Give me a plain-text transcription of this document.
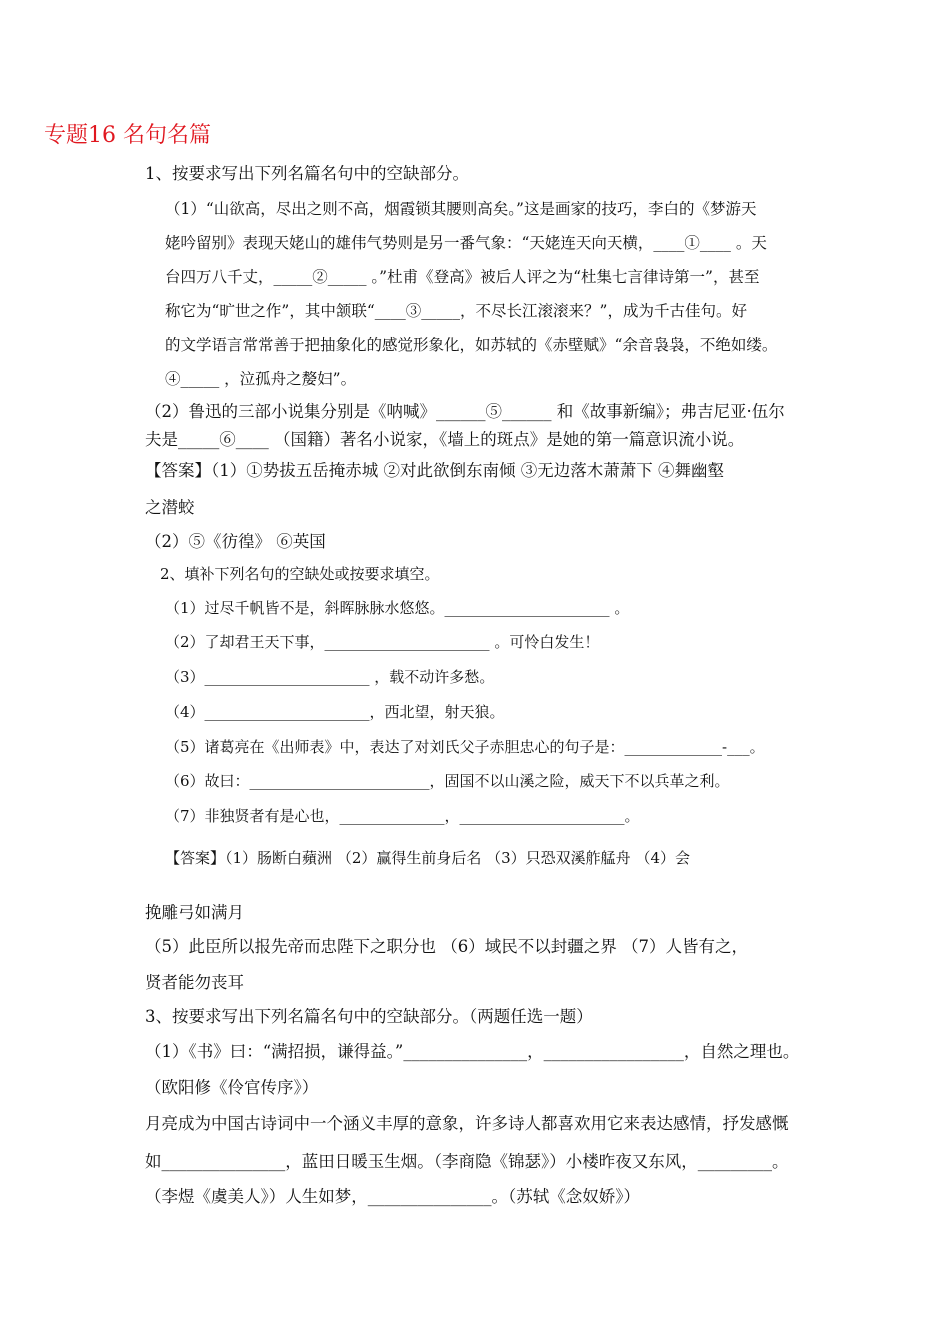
专题16 名句名篇
1、按要求写出下列名篇名句中的空缺部分。
（1）“山欲高，尽出之则不高，烟霞锁其腰则高矣。”这是画家的技巧，李白的《梦游天
姥吟留别》表现天姥山的雄伟气势则是另一番气象：“天姥连天向天横，____①____ 。天
台四万八千丈，_____②_____ 。”杜甫《登高》被后人评之为“杜集七言律诗第一”，甚至
称它为“旷世之作”，其中颔联“____③_____，不尽长江滚滚来？”，成为千古佳句。好
的文学语言常常善于把抽象化的感觉形象化，如苏轼的《赤壁赋》“余音袅袅，不绝如缕。
④_____ ，泣孤舟之嫠妇”。
（2）鲁迅的三部小说集分别是《呐喊》______⑤______ 和《故事新编》；弗吉尼亚·伍尔
夫是_____⑥____ （国籍）著名小说家，《墙上的斑点》是她的第一篇意识流小说。
【答案】（1）①势拔五岳掩赤城 ②对此欲倒东南倾 ③无边落木萧萧下 ④舞幽壑
之潜蛟
（2）⑤《彷徨》 ⑥英国
2、填补下列名句的空缺处或按要求填空。
（1）过尽千帆皆不是，斜晖脉脉水悠悠。______________________ 。
（2）了却君王天下事，______________________ 。可怜白发生！
（3）______________________ ，载不动许多愁。
（4）______________________，西北望，射天狼。
（5）诸葛亮在《出师表》中，表达了对刘氏父子赤胆忠心的句子是：_____________-___。
（6）故曰：________________________，固国不以山溪之险，威天下不以兵革之利。
（7）非独贤者有是心也，______________，______________________。
【答案】（1）肠断白蘋洲 （2）赢得生前身后名 （3）只恐双溪舴艋舟 （4）会
挽雕弓如满月
（5）此臣所以报先帝而忠陛下之职分也 （6）域民不以封疆之界 （7）人皆有之，
贤者能勿丧耳
3、按要求写出下列名篇名句中的空缺部分。（两题任选一题）
（1）《书》曰：“满招损，谦得益。”_______________，_________________，自然之理也。
（欧阳修《伶官传序》）
月亮成为中国古诗词中一个涵义丰厚的意象，许多诗人都喜欢用它来表达感情，抒发感慨
如_______________，蓝田日暖玉生烟。（李商隐《锦瑟》）小楼昨夜又东风，_________。
（李煜《虞美人》）人生如梦，_______________。（苏轼《念奴娇》）
